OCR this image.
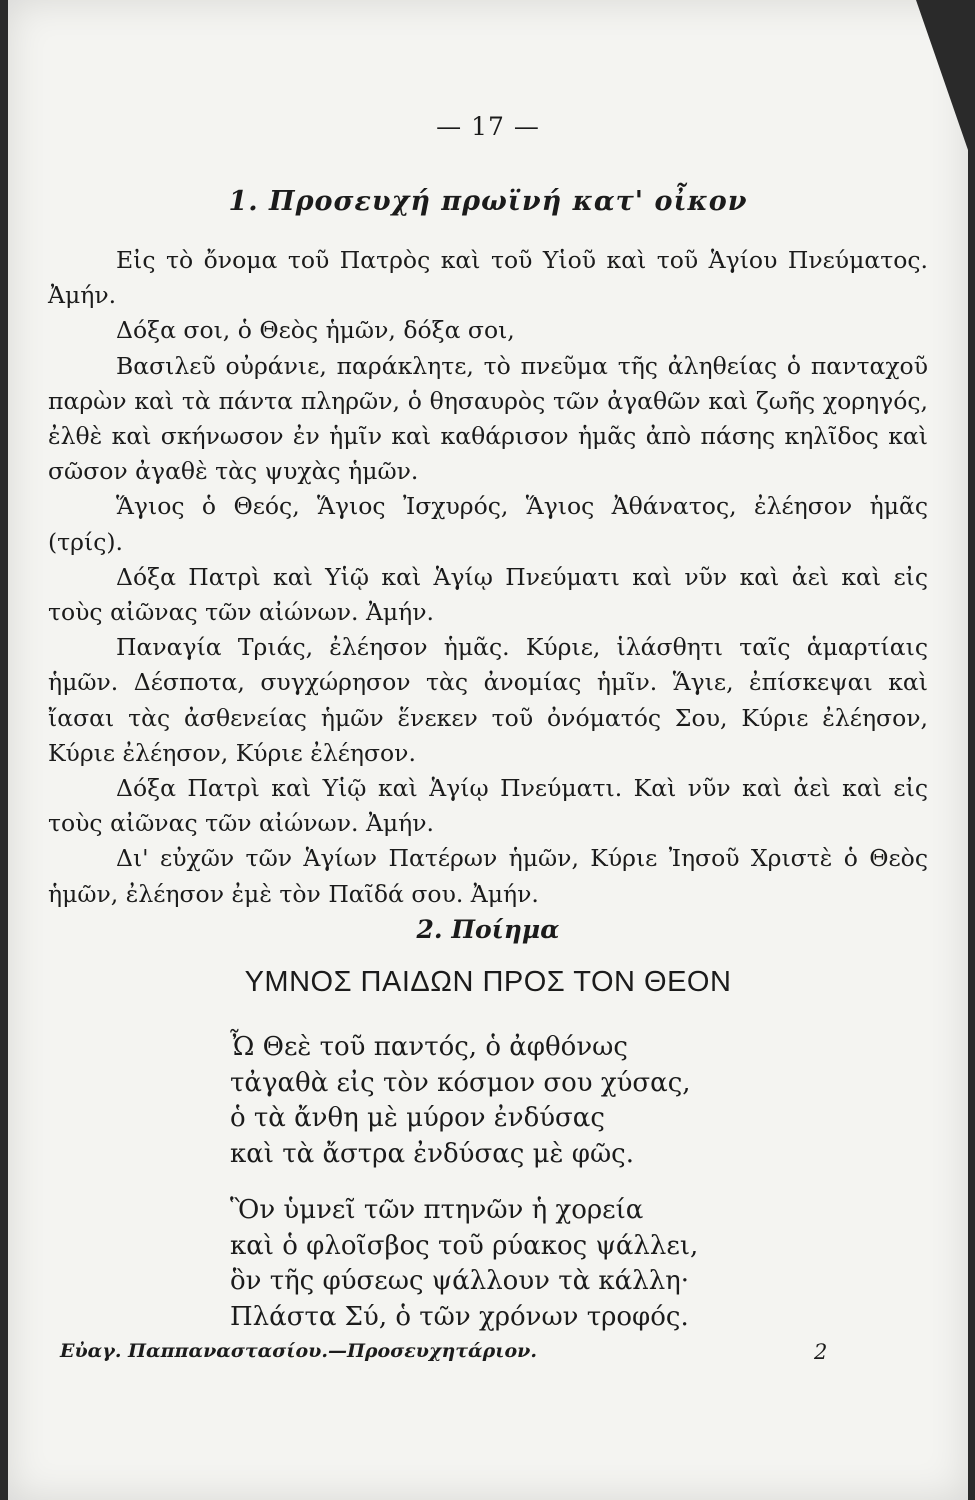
— 17 —
1. Προσευχή πρωϊνή κατ' οἶκον

Εἰς τὸ ὄνομα τοῦ Πατρὸς καὶ τοῦ Υἱοῦ καὶ τοῦ Ἁγίου Πνεύματος. Ἀμήν.

Δόξα σοι, ὁ Θεὸς ἡμῶν, δόξα σοι,

Βασιλεῦ οὐράνιε, παράκλητε, τὸ πνεῦμα τῆς ἀληθείας ὁ πανταχοῦ παρὼν καὶ τὰ πάντα πληρῶν, ὁ θησαυρὸς τῶν ἀγαθῶν καὶ ζωῆς χορηγός, ἐλθὲ καὶ σκήνωσον ἐν ἡμῖν καὶ καθάρισον ἡμᾶς ἀπὸ πάσης κηλῖδος καὶ σῶσον ἀγαθὲ τὰς ψυχὰς ἡμῶν.

Ἅγιος ὁ Θεός, Ἅγιος Ἰσχυρός, Ἅγιος Ἀθάνατος, ἐλέησον ἡμᾶς (τρίς).

Δόξα Πατρὶ καὶ Υἱῷ καὶ Ἁγίῳ Πνεύματι καὶ νῦν καὶ ἀεὶ καὶ εἰς τοὺς αἰῶνας τῶν αἰώνων. Ἀμήν.

Παναγία Τριάς, ἐλέησον ἡμᾶς. Κύριε, ἱλάσθητι ταῖς ἁμαρτίαις ἡμῶν. Δέσποτα, συγχώρησον τὰς ἀνομίας ἡμῖν. Ἅγιε, ἐπίσκεψαι καὶ ἴασαι τὰς ἀσθενείας ἡμῶν ἕνεκεν τοῦ ὀνόματός Σου, Κύριε ἐλέησον, Κύριε ἐλέησον, Κύριε ἐλέησον.

Δόξα Πατρὶ καὶ Υἱῷ καὶ Ἁγίῳ Πνεύματι. Καὶ νῦν καὶ ἀεὶ καὶ εἰς τοὺς αἰῶνας τῶν αἰώνων. Ἀμήν.

Δι' εὐχῶν τῶν Ἁγίων Πατέρων ἡμῶν, Κύριε Ἰησοῦ Χριστὲ ὁ Θεὸς ἡμῶν, ἐλέησον ἐμὲ τὸν Παῖδά σου. Ἀμήν.

2. Ποίημα
ΥΜΝΟΣ ΠΑΙΔΩΝ ΠΡΟΣ ΤΟΝ ΘΕΟΝ
Ὦ Θεὲ τοῦ παντός, ὁ ἀφθόνως
τἀγαθὰ εἰς τὸν κόσμον σου χύσας,
ὁ τὰ ἄνθη μὲ μύρον ἐνδύσας
καὶ τὰ ἄστρα ἐνδύσας μὲ φῶς.
Ὃν ὑμνεῖ τῶν πτηνῶν ἡ χορεία
καὶ ὁ φλοῖσβος τοῦ ρύακος ψάλλει,
ὃν τῆς φύσεως ψάλλουν τὰ κάλλη·
Πλάστα Σύ, ὁ τῶν χρόνων τροφός.
Εὐαγ. Παππαναστασίου.—Προσευχητάριον.	2
